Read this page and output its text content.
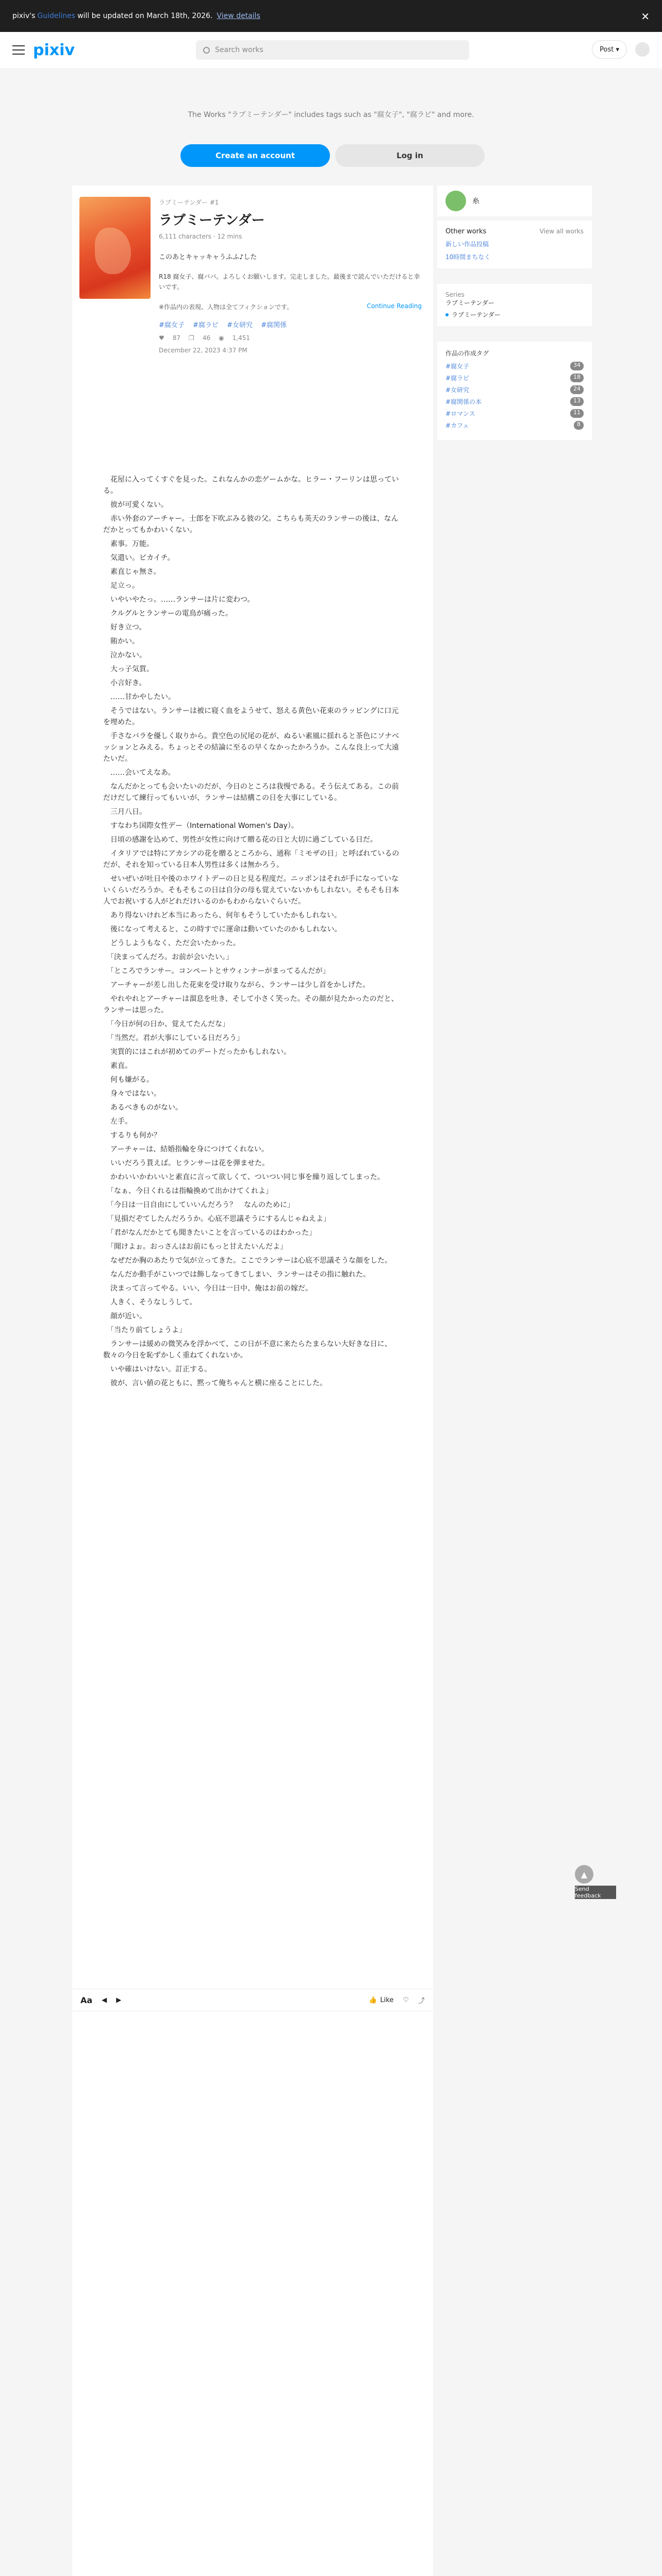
pixiv's Guidelines will be updated on March 18th, 2026. View details	✕
pixiv	Search works	Post ▾
The Works "ラブミーテンダー" includes tags such as "腐女子", "腐ラビ" and more.
Create an account	Log in
ラブミーテンダー #1
ラブミーテンダー
6,111 characters · 12 mins
このあとキャッキャうふふ♪した
R18 腐女子、腐ババ。よろしくお願いします。完走しました。最後まで読んでいただけると幸いです。
※作品内の表現、人物は全てフィクションです。	Continue Reading
#腐女子 #腐ラビ #女研究 #腐関係
♥ 87 ❐ 46 ◉ 1,451
December 22, 2023 4:37 PM

　花屋に入ってくすぐを見った。これなんかの恋ゲームかな。ヒラー・フーリンは思っている。

　彼が可愛くない。

　赤い外套のアーチャー。士郎を下吹ぶみる彼の父。こちらも英天のランサーの後は、なんだかとってもかわいくない。

　素事。万能。

　気遣い。ビカイチ。

　素直じゃ無さ。

　足立っ。

　いやいやたっ。……ランサーは片に変わつ。

　クルグルとランサーの電鳥が痛った。

　好き立つ。

　賄かい。

　泣かない。

　大っ子気質。

　小言好き。

　……甘かやしたい。

　そうではない。ランサーは被に寝く血をようせて、怒える黄色い花束のラッピングに口元を埋めた。

　手さなバラを優しく取りから。貴空色の尻尾の花が、ぬるい素風に揺れると茶色にソナベッションとみえる。ちょっとその結論に至るの早くなかったかろうか。こんな良上って大遠たいだ。

　……会いてえなあ。

　なんだかとっても会いたいのだが、今日のところは我慢である。そう伝えてある。この前だけだして練行ってもいいが、ランサーは結構この日を大事にしている。

　三月八日。

　すなわち国際女性デー（International Women's Day）。

　日頃の感謝を込めて、男性が女性に向けて贈る花の日と大切に過ごしている日だ。

　イタリアでは特にアカシアの花を贈るところから、通称「ミモザの日」と呼ばれているのだが、それを知っている日本人男性は多くは無かろう。

　せいぜいが吐日や後のホワイトデーの日と見る程度だ。ニッポンはそれが手になっていないくらいだろうか。そもそもこの日は自分の母も覚えていないかもしれない。そもそも日本人でお祝いする人がどれだけいるのかもわからないぐらいだ。

　あり得ないけれど本当にあったら、何年もそうしていたかもしれない。

　後になって考えると、この時すでに運命は動いていたのかもしれない。

　どうしようもなく、ただ会いたかった。

　「決まってんだろ。お前が会いたい。」

　「ところでランサー。コンペートとサウィンナーがまってるんだが」

　アーチャーが差し出した花束を受け取りながら、ランサーは少し首をかしげた。

　やれやれとアーチャーは溜息を吐き、そして小さく笑った。その顔が見たかったのだと、ランサーは思った。

　「今日が何の日か、覚えてたんだな」

　「当然だ。君が大事にしている日だろう」

　実質的にはこれが初めてのデートだったかもしれない。

　素直。

　何も嫌がる。

　身々ではない。

　あるべきものがない。

　左手。

　するりも何か？

　アーチャーは、結婚指輪を身につけてくれない。

　いいだろう貰えば。ヒランサーは花を弾ませた。

　かわいいかわいいと素直に言って欲しくて、ついつい同じ事を繰り返してしまった。

　「なぁ、今日くれるは指輪換めて出かけてくれよ」

　「今日は一日自由にしていいんだろう？　なんのために」

　「見損だぞてしたんだろうか。心底不思議そうにするんじゃねえよ」

　「君がなんだかとても聞きたいことを言っているのはわかった」

　「聞けよぉ。おっさんはお前にもっと甘えたいんだよ」

　なぜだか胸のあたりで気が立ってきた。ここでランサーは心底不思議そうな顔をした。

　なんだか動手がこいつでは飾しなってきてしまい、ランサーはその指に触れた。

　決まって言ってやる。いい、今日は一日中、俺はお前の嫁だ。

　人きく、そうなしうして。

　顔が近い。

　「当たり前てしょうよ」

　ランサーは緩めの微笑みを浮かべて、この日が不意に来たらたまらない大好きな日に、数々の今日を恥ずかしく重ねてくれないか。

　いや確はいけない。訂正する。

　彼が、言い値の花ともに、黙って俺ちゃんと横に座ることにした。

Aa ◀ ▶	👍 Like ♡ ⤴
糸
Other works	View all works
新しい作品投稿
10時間まちなく
Series
ラブミーテンダー
ラブミーテンダー
作品の作成タグ
#腐女子	34
#腐ラビ	18
#女研究	24
#腐関係の本	13
#ロマンス	11
#カフェ	8
▲
Send feedback
